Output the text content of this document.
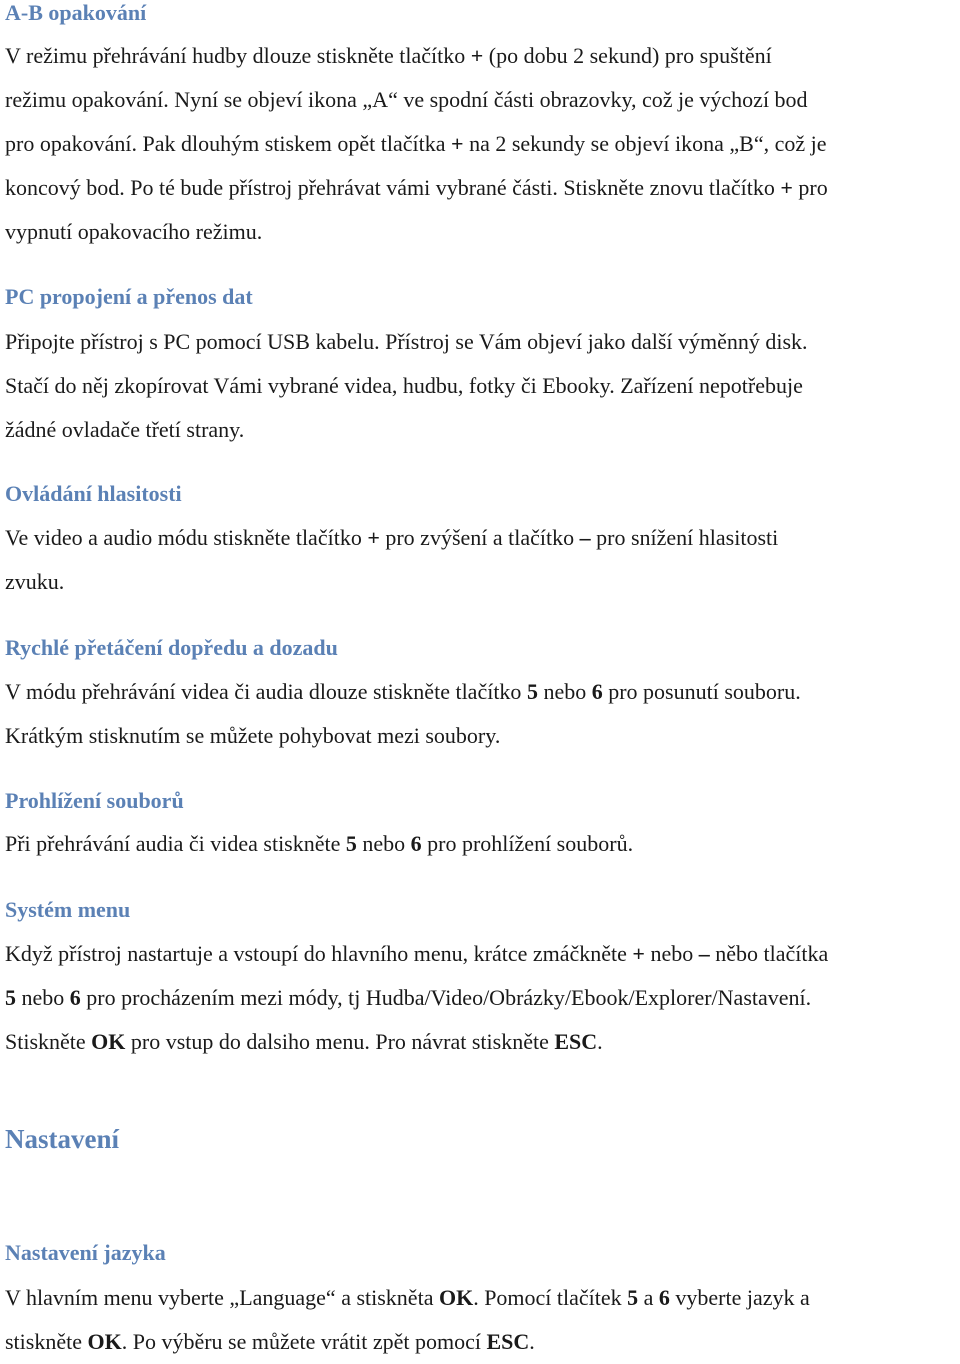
A-B opakování
V režimu přehrávání hudby dlouze stiskněte tlačítko + (po dobu 2 sekund) pro spuštění
režimu opakování. Nyní se objeví ikona „A“ ve spodní části obrazovky, což je výchozí bod
pro opakování. Pak dlouhým stiskem opět tlačítka + na 2 sekundy se objeví ikona „B“, což je
koncový bod. Po té bude přístroj přehrávat vámi vybrané části. Stiskněte znovu tlačítko + pro
vypnutí opakovacího režimu.
PC propojení a přenos dat
Připojte přístroj s PC pomocí USB kabelu. Přístroj se Vám objeví jako další výměnný disk.
Stačí do něj zkopírovat Vámi vybrané videa, hudbu, fotky či Ebooky. Zařízení nepotřebuje
žádné ovladače třetí strany.
Ovládání hlasitosti
Ve video a audio módu stiskněte tlačítko + pro zvýšení a tlačítko – pro snížení hlasitosti
zvuku.
Rychlé přetáčení dopředu a dozadu
V módu přehrávání videa či audia dlouze stiskněte tlačítko 5 nebo 6 pro posunutí souboru.
Krátkým stisknutím se můžete pohybovat mezi soubory.
Prohlížení souborů
Při přehrávání audia či videa stiskněte 5 nebo 6 pro prohlížení souborů.
Systém menu
Když přístroj nastartuje a vstoupí do hlavního menu, krátce zmáčkněte + nebo – něbo tlačítka
5 nebo 6 pro procházením mezi módy, tj Hudba/Video/Obrázky/Ebook/Explorer/Nastavení.
Stiskněte OK pro vstup do dalsiho menu. Pro návrat stiskněte ESC.
Nastavení
Nastavení jazyka
V hlavním menu vyberte „Language“ a stiskněta OK. Pomocí tlačítek 5 a 6 vyberte jazyk a
stiskněte OK. Po výběru se můžete vrátit zpět pomocí ESC.
